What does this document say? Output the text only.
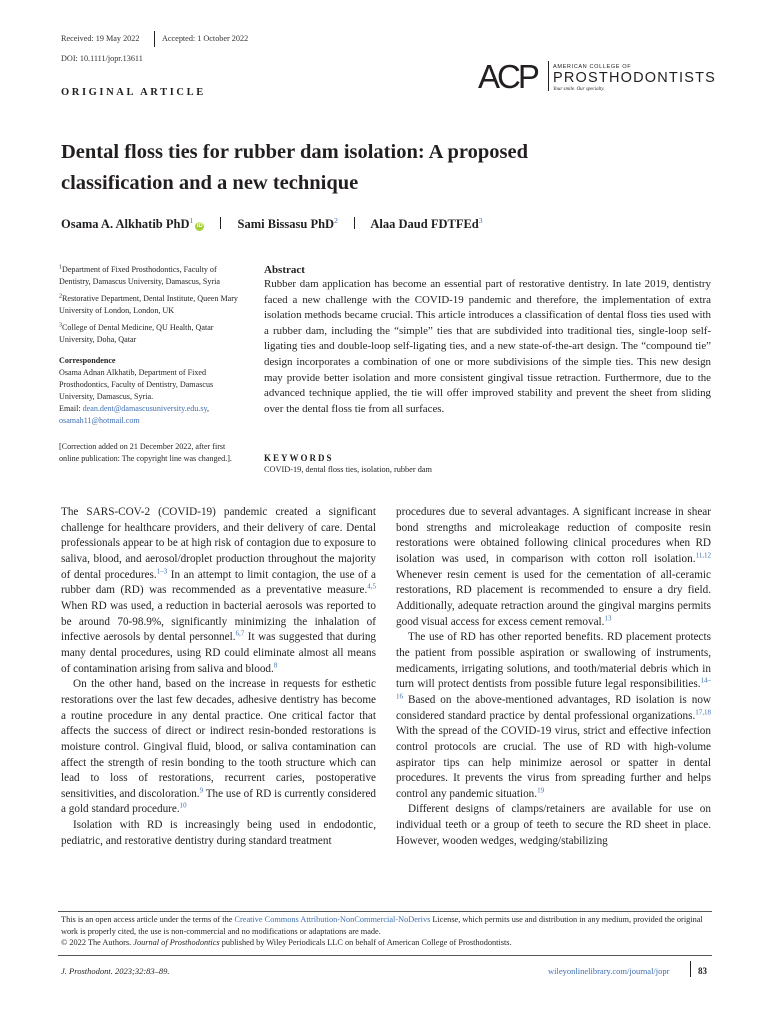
Received: 19 May 2022	Accepted: 1 October 2022
DOI: 10.1111/jopr.13611	ACP	AMERICAN COLLEGE OF
PROSTHODONTISTS
Your smile. Our specialty.
ORIGINAL ARTICLE
Dental floss ties for rubber dam isolation: A proposed classification and a new technique
Osama A. Alkhatib PhD$^1$iD	Sami Bissasu PhD$^2$	Alaa Daud FDTFEd$^3$

$^1$Department of Fixed Prosthodontics, Faculty of Dentistry, Damascus University, Damascus, Syria

$^2$Restorative Department, Dental Institute, Queen Mary University of London, London, UK

$^3$College of Dental Medicine, QU Health, Qatar University, Doha, Qatar

Correspondence

Osama Adnan Alkhatib, Department of Fixed Prosthodontics, Faculty of Dentistry, Damascus University, Damascus, Syria.
Email: dean.dent@damascusuniversity.edu.sy,
osamah11@hotmail.com

[Correction added on 21 December 2022, after first online publication: The copyright line was changed.].

Abstract

Rubber dam application has become an essential part of restorative dentistry. In late 2019, dentistry faced a new challenge with the COVID-19 pandemic and therefore, the implementation of extra isolation methods became crucial. This article introduces a classification of dental floss ties used with a rubber dam, including the “simple” ties that are subdivided into traditional ties, single-loop self-ligating ties and double-loop self-ligating ties, and a new state-of-the-art design. The “compound tie” design incorporates a combination of one or more subdivisions of the simple ties. This new design may provide better isolation and more consistent gingival tissue retraction. Furthermore, due to the advanced technique applied, the tie will offer improved stability and prevent the sheet from sliding over the dental floss tie from all surfaces.

KEYWORDS
COVID-19, dental floss ties, isolation, rubber dam

The SARS-COV-2 (COVID-19) pandemic created a significant challenge for healthcare providers, and their delivery of care. Dental professionals appear to be at high risk of contagion due to exposure to saliva, blood, and aerosol/droplet production throughout the majority of dental procedures.$^{1-3}$ In an attempt to limit contagion, the use of a rubber dam (RD) was recommended as a preventative measure.$^{4,5}$ When RD was used, a reduction in bacterial aerosols was reported to be around 70-98.9%, significantly minimizing the inhalation of infective aerosols by dental personnel.$^{6,7}$ It was suggested that during many dental procedures, using RD could eliminate almost all means of contamination arising from saliva and blood.$^8$

On the other hand, based on the increase in requests for esthetic restorations over the last few decades, adhesive dentistry has become a routine procedure in any dental practice. One critical factor that affects the success of direct or indirect resin-bonded restorations is moisture control. Gingival fluid, blood, or saliva contamination can affect the strength of resin bonding to the tooth structure which can lead to loss of restorations, recurrent caries, postoperative sensitivities, and discoloration.$^9$ The use of RD is currently considered a gold standard procedure.$^{10}$

Isolation with RD is increasingly being used in endodontic, pediatric, and restorative dentistry during standard treatment

procedures due to several advantages. A significant increase in shear bond strengths and microleakage reduction of composite resin restorations were obtained following clinical procedures when RD isolation was used, in comparison with cotton roll isolation.$^{11,12}$ Whenever resin cement is used for the cementation of all-ceramic restorations, RD placement is recommended to ensure a dry field. Additionally, adequate retraction around the gingival margins permits good visual access for excess cement removal.$^{13}$

The use of RD has other reported benefits. RD placement protects the patient from possible aspiration or swallowing of instruments, medicaments, irrigating solutions, and tooth/material debris which in turn will protect dentists from possible future legal responsibilities.$^{14-16}$ Based on the above-mentioned advantages, RD isolation is now considered standard practice by dental professional organizations.$^{17,18}$ With the spread of the COVID-19 virus, strict and effective infection control protocols are crucial. The use of RD with high-volume aspirator tips can help minimize aerosol or spatter in dental procedures. It prevents the virus from spreading further and helps control any pandemic situation.$^{19}$

Different designs of clamps/retainers are available for use on individual teeth or a group of teeth to secure the RD sheet in place. However, wooden wedges, wedging/stabilizing

This is an open access article under the terms of the Creative Commons Attribution-NonCommercial-NoDerivs License, which permits use and distribution in any medium, provided the original work is properly cited, the use is non-commercial and no modifications or adaptations are made.
© 2022 The Authors. Journal of Prosthodontics published by Wiley Periodicals LLC on behalf of American College of Prosthodontists.
J. Prosthodont. 2023;32:83–89.	wileyonlinelibrary.com/journal/jopr	83
